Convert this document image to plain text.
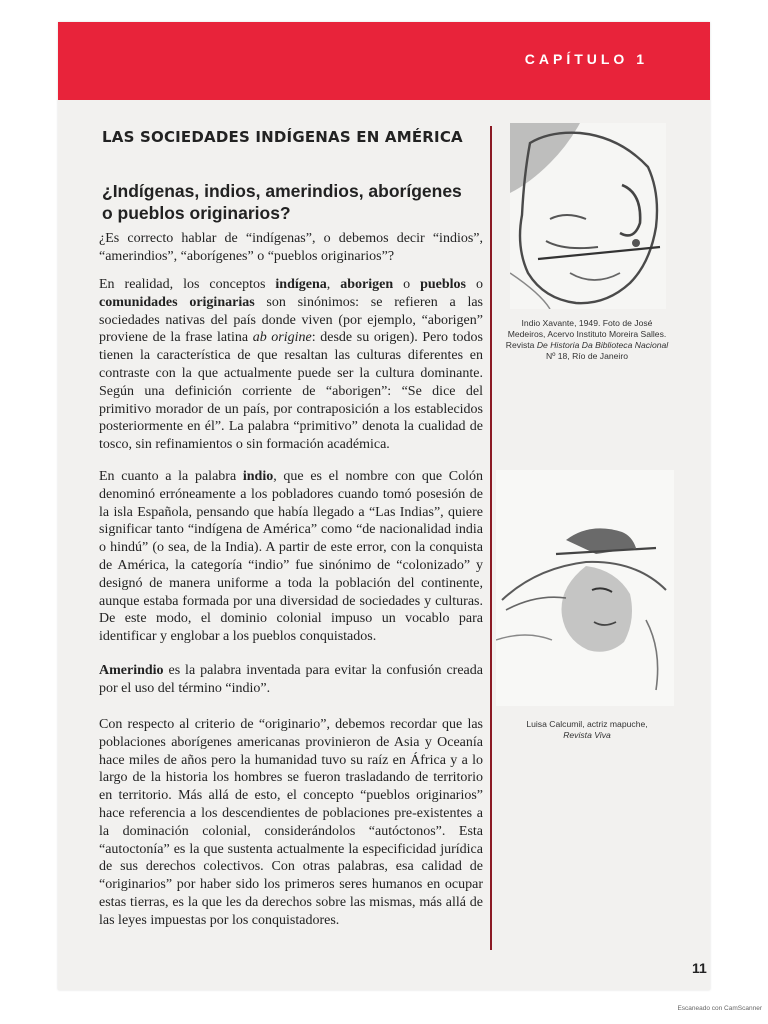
CAPÍTULO 1
LAS SOCIEDADES INDÍGENAS EN AMÉRICA
¿Indígenas, indios, amerindios, aborígenes o pueblos originarios?

¿Es correcto hablar de “indígenas”, o debemos decir “indios”, “amerindios”, “aborígenes” o “pueblos originarios”?

En realidad, los conceptos indígena, aborigen o pueblos o comunidades originarias son sinónimos: se refieren a las sociedades nativas del país donde viven (por ejemplo, “aborigen” proviene de la frase latina ab origine: desde su origen). Pero todos tienen la característica de que resaltan las culturas diferentes en contraste con la que actualmente puede ser la cultura dominante. Según una definición corriente de “aborigen”: “Se dice del primitivo morador de un país, por contraposición a los establecidos posteriormente en él”. La palabra “primitivo” denota la cualidad de tosco, sin refinamientos o sin formación académica.

En cuanto a la palabra indio, que es el nombre con que Colón denominó erróneamente a los pobladores cuando tomó posesión de la isla Española, pensando que había llegado a “Las Indias”, quiere significar tanto “indígena de América” como “de nacionalidad india o hindú” (o sea, de la India). A partir de este error, con la conquista de América, la categoría “indio” fue sinónimo de “colonizado” y designó de manera uniforme a toda la población del continente, aunque estaba formada por una diversidad de sociedades y culturas. De este modo, el dominio colonial impuso un vocablo para identificar y englobar a los pueblos conquistados.

Amerindio es la palabra inventada para evitar la confusión creada por el uso del término “indio”.

Con respecto al criterio de “originario”, debemos recordar que las poblaciones aborígenes americanas provinieron de Asia y Oceanía hace miles de años pero la humanidad tuvo su raíz en África y a lo largo de la historia los hombres se fueron trasladando de territorio en territorio. Más allá de esto, el concepto “pueblos originarios” hace referencia a los descendientes de poblaciones pre-existentes a la dominación colonial, considerándolos “autóctonos”. Esta “autoctonía” es la que sustenta actualmente la especificidad jurídica de sus derechos colectivos. Con otras palabras, esa calidad de “originarios” por haber sido los primeros seres humanos en ocupar estas tierras, es la que les da derechos sobre las mismas, más allá de las leyes impuestas por los conquistadores.

Indio Xavante, 1949. Foto de José Medeiros, Acervo Instituto Moreira Salles. Revista De Historia Da Biblioteca Nacional Nº 18, Río de Janeiro
Luisa Calcumil, actriz mapuche,
Revista Viva
11
Escaneado con CamScanner
